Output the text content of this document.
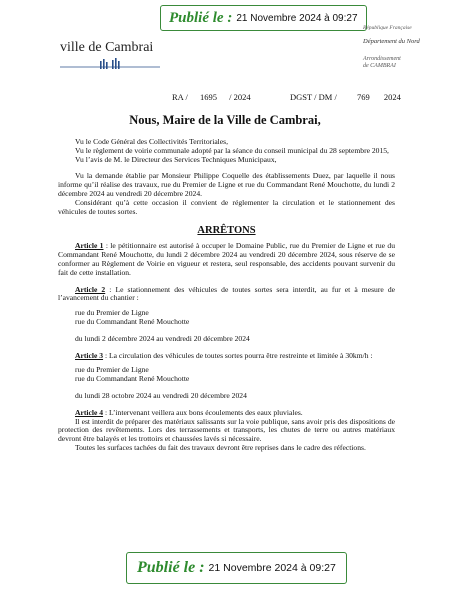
Publié le : 21 Novembre 2024 à 09:27
ville de Cambrai
République Française
Département du Nord
Arrondissement
de CAMBRAI
RA / 1695 / 2024	DGST / DM / 769 2024
Nous, Maire de la Ville de Cambrai,

Vu le Code Général des Collectivités Territoriales,

Vu le règlement de voirie communale adopté par la séance du conseil municipal du 28 septembre 2015,

Vu l’avis de M. le Directeur des Services Techniques Municipaux,

Vu la demande établie par Monsieur Philippe Coquelle des établissements Duez, par laquelle il nous informe qu’il réalise des travaux, rue du Premier de Ligne et rue du Commandant René Mouchotte, du lundi 2 décembre 2024 au vendredi 20 décembre 2024.

Considérant qu’à cette occasion il convient de réglementer la circulation et le stationnement des véhicules de toutes sortes.

ARRÊTONS

Article 1 : le pétitionnaire est autorisé à occuper le Domaine Public, rue du Premier de Ligne et rue du Commandant René Mouchotte, du lundi 2 décembre 2024 au vendredi 20 décembre 2024, sous réserve de se conformer au Règlement de Voirie en vigueur et restera, seul responsable, des accidents pouvant survenir du fait de cette installation.

Article 2 : Le stationnement des véhicules de toutes sortes sera interdit, au fur et à mesure de l’avancement du chantier :

rue du Premier de Ligne

rue du Commandant René Mouchotte

du lundi 2 décembre 2024 au vendredi 20 décembre 2024

Article 3 : La circulation des véhicules de toutes sortes pourra être restreinte et limitée à 30km/h :

rue du Premier de Ligne

rue du Commandant René Mouchotte

du lundi 28 octobre 2024 au vendredi 20 décembre 2024

Article 4 : L’intervenant veillera aux bons écoulements des eaux pluviales.

Il est interdit de préparer des matériaux salissants sur la voie publique, sans avoir pris des dispositions de protection des revêtements. Lors des terrassements et transports, les chutes de terre ou autres matériaux devront être balayés et les trottoirs et chaussées lavés si nécessaire.

Toutes les surfaces tachées du fait des travaux devront être reprises dans le cadre des réfections.

Publié le : 21 Novembre 2024 à 09:27
